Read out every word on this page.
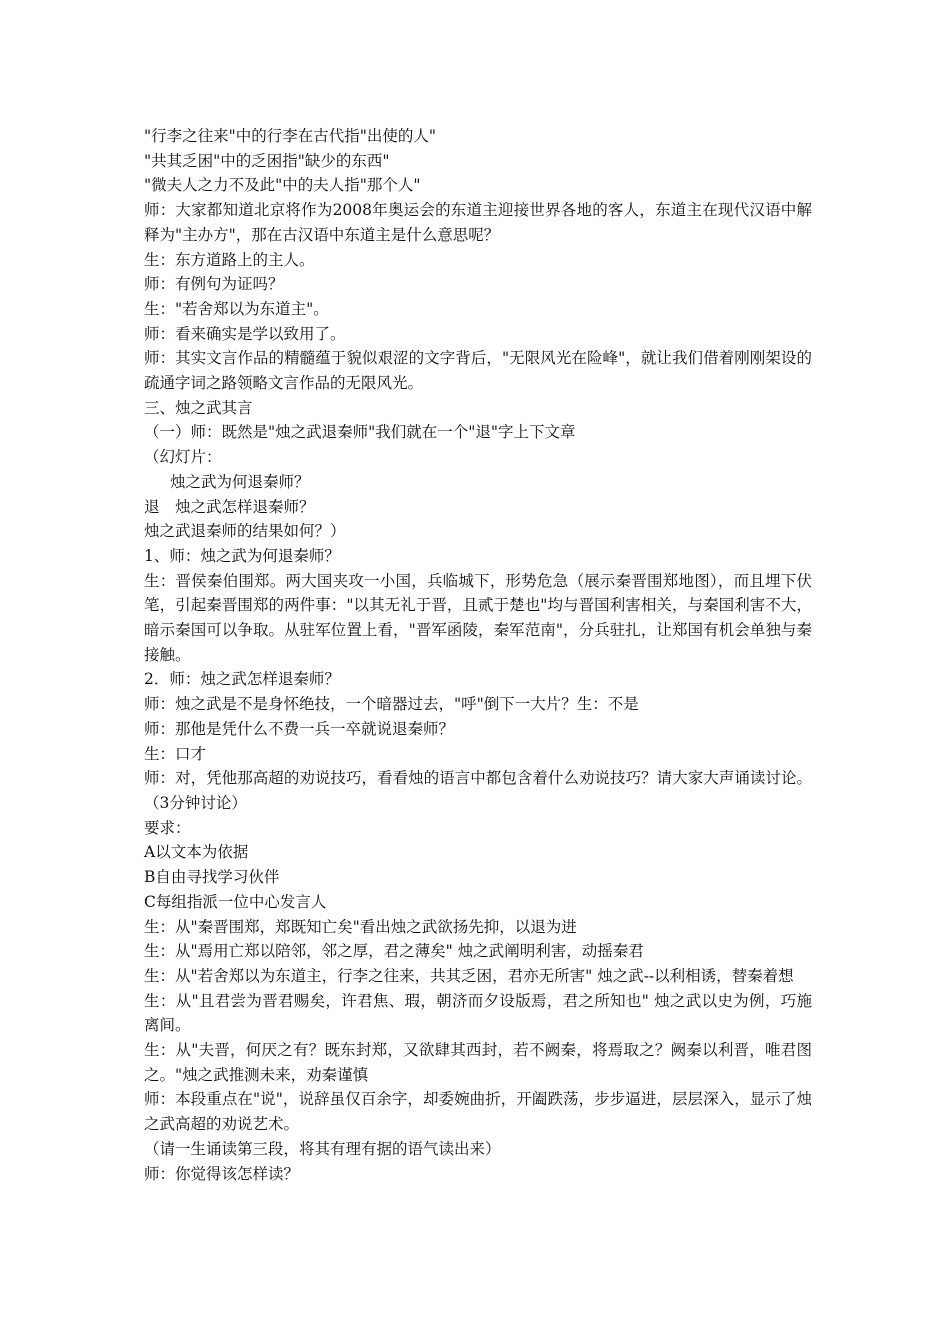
"行李之往来"中的行李在古代指"出使的人"

"共其乏困"中的乏困指"缺少的东西"

"微夫人之力不及此"中的夫人指"那个人"

师：大家都知道北京将作为2008年奥运会的东道主迎接世界各地的客人，东道主在现代汉语中解释为"主办方"，那在古汉语中东道主是什么意思呢？

生：东方道路上的主人。

师：有例句为证吗？

生："若舍郑以为东道主"。

师：看来确实是学以致用了。

师：其实文言作品的精髓蕴于貌似艰涩的文字背后，"无限风光在险峰"，就让我们借着刚刚架设的疏通字词之路领略文言作品的无限风光。

三、烛之武其言

（一）师：既然是"烛之武退秦师"我们就在一个"退"字上下文章

（幻灯片：

烛之武为何退秦师？

退　烛之武怎样退秦师？

烛之武退秦师的结果如何？）

1、师：烛之武为何退秦师？

生：晋侯秦伯围郑。两大国夹攻一小国，兵临城下，形势危急（展示秦晋围郑地图），而且埋下伏笔，引起秦晋围郑的两件事："以其无礼于晋，且贰于楚也"均与晋国利害相关，与秦国利害不大，暗示秦国可以争取。从驻军位置上看，"晋军函陵，秦军范南"，分兵驻扎，让郑国有机会单独与秦接触。

2．师：烛之武怎样退秦师？

师：烛之武是不是身怀绝技，一个暗器过去，"呼"倒下一大片？生：不是

师：那他是凭什么不费一兵一卒就说退秦师？

生：口才

师：对，凭他那高超的劝说技巧，看看烛的语言中都包含着什么劝说技巧？请大家大声诵读讨论。（3分钟讨论）

要求：

A以文本为依据

B自由寻找学习伙伴

C每组指派一位中心发言人

生：从"秦晋围郑，郑既知亡矣"看出烛之武欲扬先抑，以退为进

生：从"焉用亡郑以陪邻，邻之厚，君之薄矣" 烛之武阐明利害，动摇秦君

生：从"若舍郑以为东道主，行李之往来，共其乏困，君亦无所害" 烛之武--以利相诱，替秦着想

生：从"且君尝为晋君赐矣，许君焦、瑕，朝济而夕设版焉，君之所知也" 烛之武以史为例，巧施离间。

生：从"夫晋，何厌之有？既东封郑，又欲肆其西封，若不阙秦，将焉取之？阙秦以利晋，唯君图之。"烛之武推测未来，劝秦谨慎

师：本段重点在"说"，说辞虽仅百余字，却委婉曲折，开阖跌荡，步步逼进，层层深入，显示了烛之武高超的劝说艺术。

（请一生诵读第三段，将其有理有据的语气读出来）

师：你觉得该怎样读？
